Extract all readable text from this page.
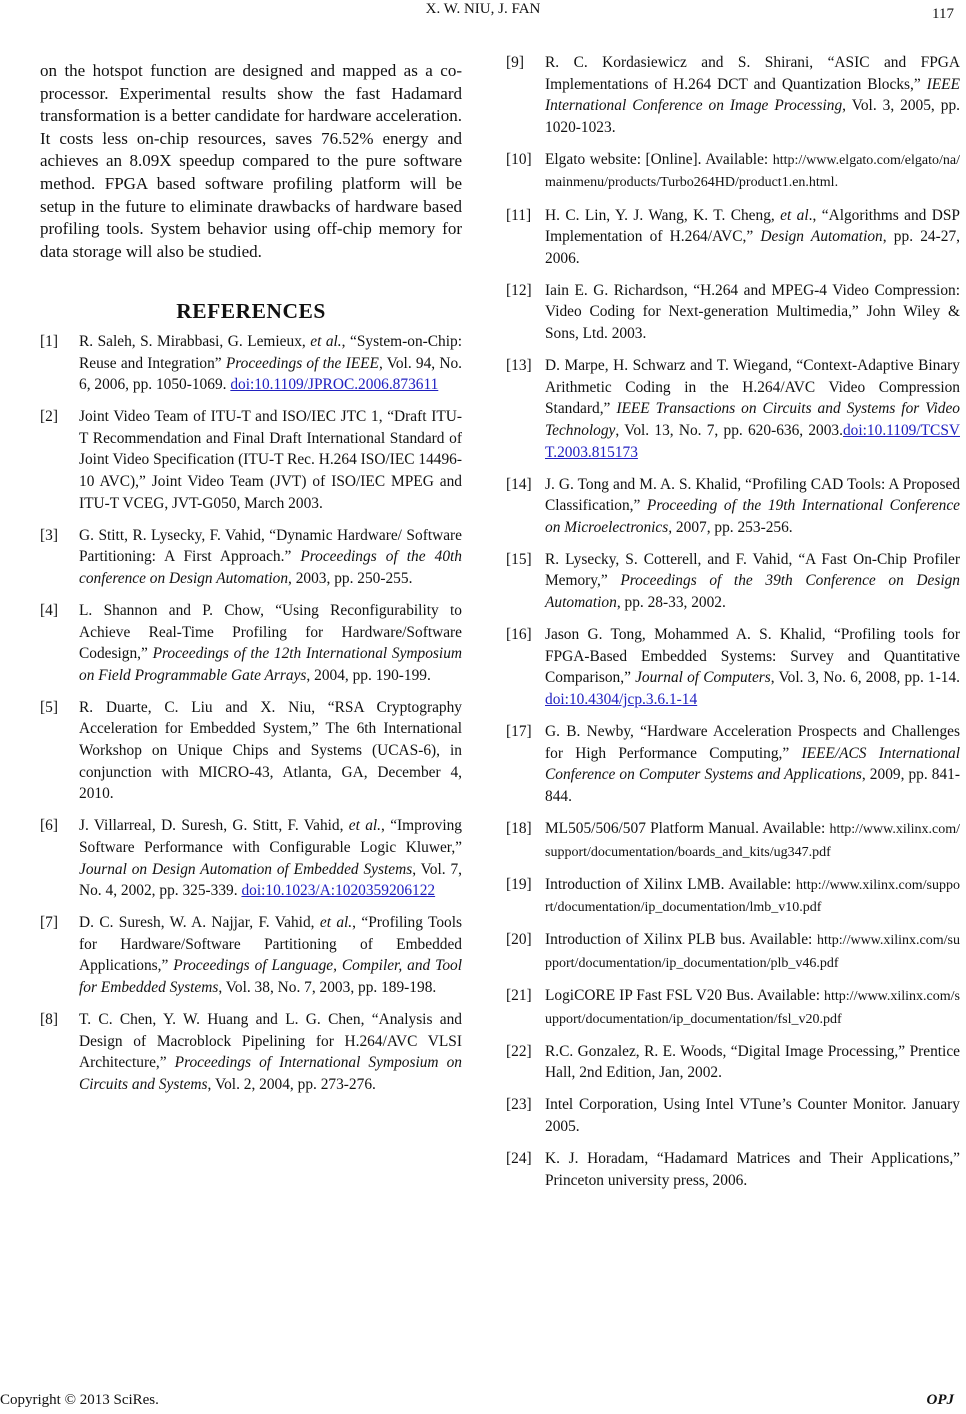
X. W. NIU, J. FAN	117

on the hotspot function are designed and mapped as a co-processor. Experimental results show the fast Hadamard transformation is a better candidate for hardware acceleration. It costs less on-chip resources, saves 76.52% energy and achieves an 8.09X speedup compared to the pure software method. FPGA based software profiling platform will be setup in the future to eliminate drawbacks of hardware based profiling tools. System behavior using off-chip memory for data storage will also be studied.

REFERENCES
[1]	R. Saleh, S. Mirabbasi, G. Lemieux, et al., “System-on-Chip: Reuse and Integration” Proceedings of the IEEE, Vol. 94, No. 6, 2006, pp. 1050-1069. doi:10.1109/JPROC.2006.873611
[2]	Joint Video Team of ITU-T and ISO/IEC JTC 1, “Draft ITU-T Recommendation and Final Draft International Standard of Joint Video Specification (ITU-T Rec. H.264 ISO/IEC 14496-10 AVC),” Joint Video Team (JVT) of ISO/IEC MPEG and ITU-T VCEG, JVT-G050, March 2003.
[3]	G. Stitt, R. Lysecky, F. Vahid, “Dynamic Hardware/ Software Partitioning: A First Approach.” Proceedings of the 40th conference on Design Automation, 2003, pp. 250-255.
[4]	L. Shannon and P. Chow, “Using Reconfigurability to Achieve Real-Time Profiling for Hardware/Software Codesign,” Proceedings of the 12th International Symposium on Field Programmable Gate Arrays, 2004, pp. 190-199.
[5]	R. Duarte, C. Liu and X. Niu, “RSA Cryptography Acceleration for Embedded System,” The 6th International Workshop on Unique Chips and Systems (UCAS-6), in conjunction with MICRO-43, Atlanta, GA, December 4, 2010.
[6]	J. Villarreal, D. Suresh, G. Stitt, F. Vahid, et al., “Improving Software Performance with Configurable Logic Kluwer,” Journal on Design Automation of Embedded Systems, Vol. 7, No. 4, 2002, pp. 325-339. doi:10.1023/A:1020359206122
[7]	D. C. Suresh, W. A. Najjar, F. Vahid, et al., “Profiling Tools for Hardware/Software Partitioning of Embedded Applications,” Proceedings of Language, Compiler, and Tool for Embedded Systems, Vol. 38, No. 7, 2003, pp. 189-198.
[8]	T. C. Chen, Y. W. Huang and L. G. Chen, “Analysis and Design of Macroblock Pipelining for H.264/AVC VLSI Architecture,” Proceedings of International Symposium on Circuits and Systems, Vol. 2, 2004, pp. 273-276.
[9]	R. C. Kordasiewicz and S. Shirani, “ASIC and FPGA Implementations of H.264 DCT and Quantization Blocks,” IEEE International Conference on Image Processing, Vol. 3, 2005, pp. 1020-1023.
[10] Elgato website: [Online]. Available: http://www.elgato.com/elgato/na/mainmenu/products/Turbo264HD/product1.en.html.
[11] H. C. Lin, Y. J. Wang, K. T. Cheng, et al., “Algorithms and DSP Implementation of H.264/AVC,” Design Automation, pp. 24-27, 2006.
[12] Iain E. G. Richardson, “H.264 and MPEG-4 Video Compression: Video Coding for Next-generation Multimedia,” John Wiley & Sons, Ltd. 2003.
[13] D. Marpe, H. Schwarz and T. Wiegand, “Context-Adaptive Binary Arithmetic Coding in the H.264/AVC Video Compression Standard,” IEEE Transactions on Circuits and Systems for Video Technology, Vol. 13, No. 7, pp. 620-636, 2003.doi:10.1109/TCSVT.2003.815173
[14] J. G. Tong and M. A. S. Khalid, “Profiling CAD Tools: A Proposed Classification,” Proceeding of the 19th International Conference on Microelectronics, 2007, pp. 253-256.
[15] R. Lysecky, S. Cotterell, and F. Vahid, “A Fast On-Chip Profiler Memory,” Proceedings of the 39th Conference on Design Automation, pp. 28-33, 2002.
[16] Jason G. Tong, Mohammed A. S. Khalid, “Profiling tools for FPGA-Based Embedded Systems: Survey and Quantitative Comparison,” Journal of Computers, Vol. 3, No. 6, 2008, pp. 1-14. doi:10.4304/jcp.3.6.1-14
[17] G. B. Newby, “Hardware Acceleration Prospects and Challenges for High Performance Computing,” IEEE/ACS International Conference on Computer Systems and Applications, 2009, pp. 841-844.
[18] ML505/506/507 Platform Manual. Available: http://www.xilinx.com/support/documentation/boards_and_kits/ug347.pdf
[19] Introduction of Xilinx LMB. Available: http://www.xilinx.com/support/documentation/ip_documentation/lmb_v10.pdf
[20] Introduction of Xilinx PLB bus. Available: http://www.xilinx.com/support/documentation/ip_documentation/plb_v46.pdf
[21] LogiCORE IP Fast FSL V20 Bus. Available: http://www.xilinx.com/support/documentation/ip_documentation/fsl_v20.pdf
[22] R.C. Gonzalez, R. E. Woods, “Digital Image Processing,” Prentice Hall, 2nd Edition, Jan, 2002.
[23] Intel Corporation, Using Intel VTune’s Counter Monitor. January 2005.
[24] K. J. Horadam, “Hadamard Matrices and Their Applications,” Princeton university press, 2006.
Copyright © 2013 SciRes.	OPJ
